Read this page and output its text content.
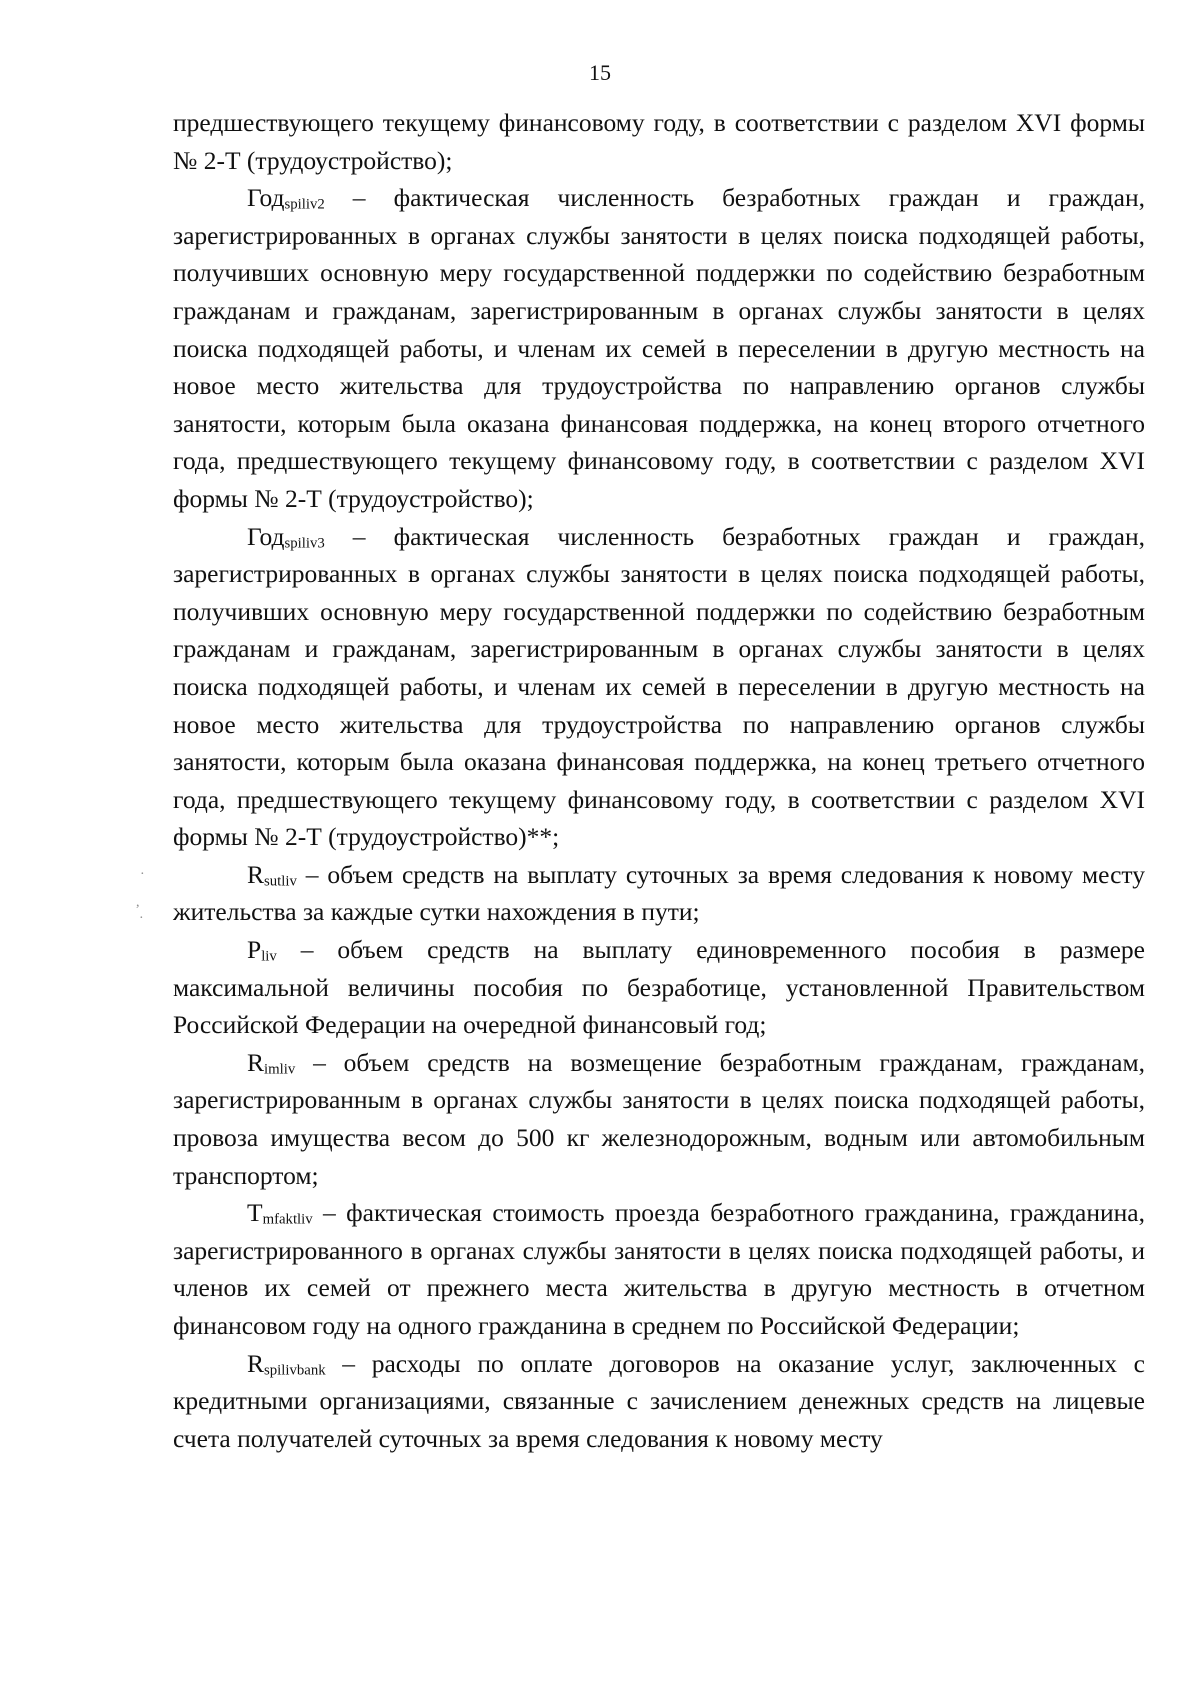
15

предшествующего текущему финансовому году, в соответствии с разделом XVI формы № 2-Т (трудоустройство);

Годspiliv2 – фактическая численность безработных граждан и граждан, зарегистрированных в органах службы занятости в целях поиска подходящей работы, получивших основную меру государственной поддержки по содействию безработным гражданам и гражданам, зарегистрированным в органах службы занятости в целях поиска подходящей работы, и членам их семей в переселении в другую местность на новое место жительства для трудоустройства по направлению органов службы занятости, которым была оказана финансовая поддержка, на конец второго отчетного года, предшествующего текущему финансовому году, в соответствии с разделом XVI формы № 2-Т (трудоустройство);

Годspiliv3 – фактическая численность безработных граждан и граждан, зарегистрированных в органах службы занятости в целях поиска подходящей работы, получивших основную меру государственной поддержки по содействию безработным гражданам и гражданам, зарегистрированным в органах службы занятости в целях поиска подходящей работы, и членам их семей в переселении в другую местность на новое место жительства для трудоустройства по направлению органов службы занятости, которым была оказана финансовая поддержка, на конец третьего отчетного года, предшествующего текущему финансовому году, в соответствии с разделом XVI формы № 2-Т (трудоустройство)**;

Rsutliv – объем средств на выплату суточных за время следования к новому месту жительства за каждые сутки нахождения в пути;

Pliv – объем средств на выплату единовременного пособия в размере максимальной величины пособия по безработице, установленной Правительством Российской Федерации на очередной финансовый год;

Rimliv – объем средств на возмещение безработным гражданам, гражданам, зарегистрированным в органах службы занятости в целях поиска подходящей работы, провоза имущества весом до 500 кг железнодорожным, водным или автомобильным транспортом;

Tmfaktliv – фактическая стоимость проезда безработного гражданина, гражданина, зарегистрированного в органах службы занятости в целях поиска подходящей работы, и членов их семей от прежнего места жительства в другую местность в отчетном финансовом году на одного гражданина в среднем по Российской Федерации;

Rspilivbank – расходы по оплате договоров на оказание услуг, заключенных с кредитными организациями, связанные с зачислением денежных средств на лицевые счета получателей суточных за время следования к новому месту

·
,
·
